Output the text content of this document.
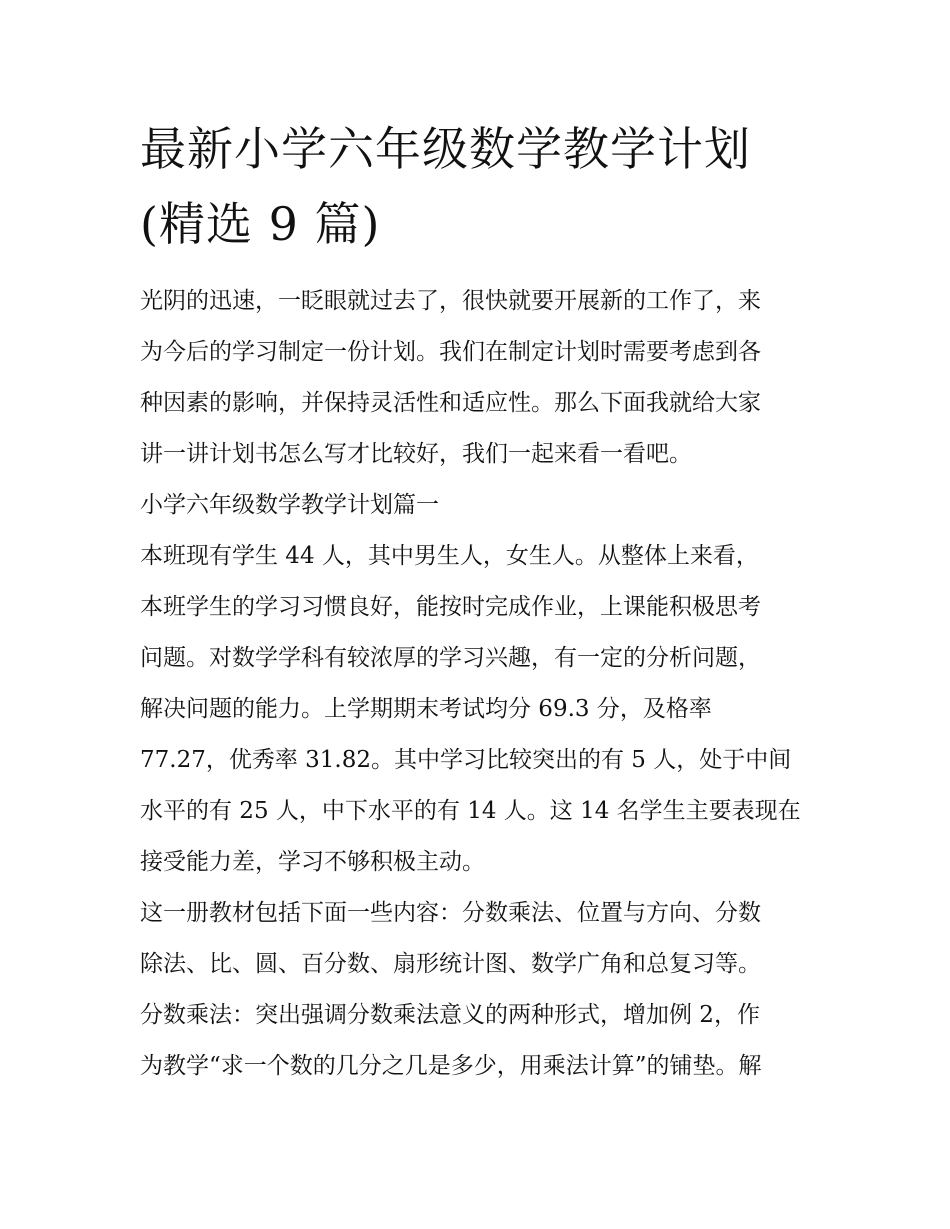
最新小学六年级数学教学计划
(精选 9 篇)
光阴的迅速，一眨眼就过去了，很快就要开展新的工作了，来
为今后的学习制定一份计划。我们在制定计划时需要考虑到各
种因素的影响，并保持灵活性和适应性。那么下面我就给大家
讲一讲计划书怎么写才比较好，我们一起来看一看吧。
小学六年级数学教学计划篇一
本班现有学生 44 人，其中男生人，女生人。从整体上来看，
本班学生的学习习惯良好，能按时完成作业，上课能积极思考
问题。对数学学科有较浓厚的学习兴趣，有一定的分析问题，
解决问题的能力。上学期期末考试均分 69.3 分，及格率
77.27，优秀率 31.82。其中学习比较突出的有 5 人，处于中间
水平的有 25 人，中下水平的有 14 人。这 14 名学生主要表现在
接受能力差，学习不够积极主动。
这一册教材包括下面一些内容：分数乘法、位置与方向、分数
除法、比、圆、百分数、扇形统计图、数学广角和总复习等。
分数乘法：突出强调分数乘法意义的两种形式，增加例 2，作
为教学“求一个数的几分之几是多少，用乘法计算”的铺垫。解
